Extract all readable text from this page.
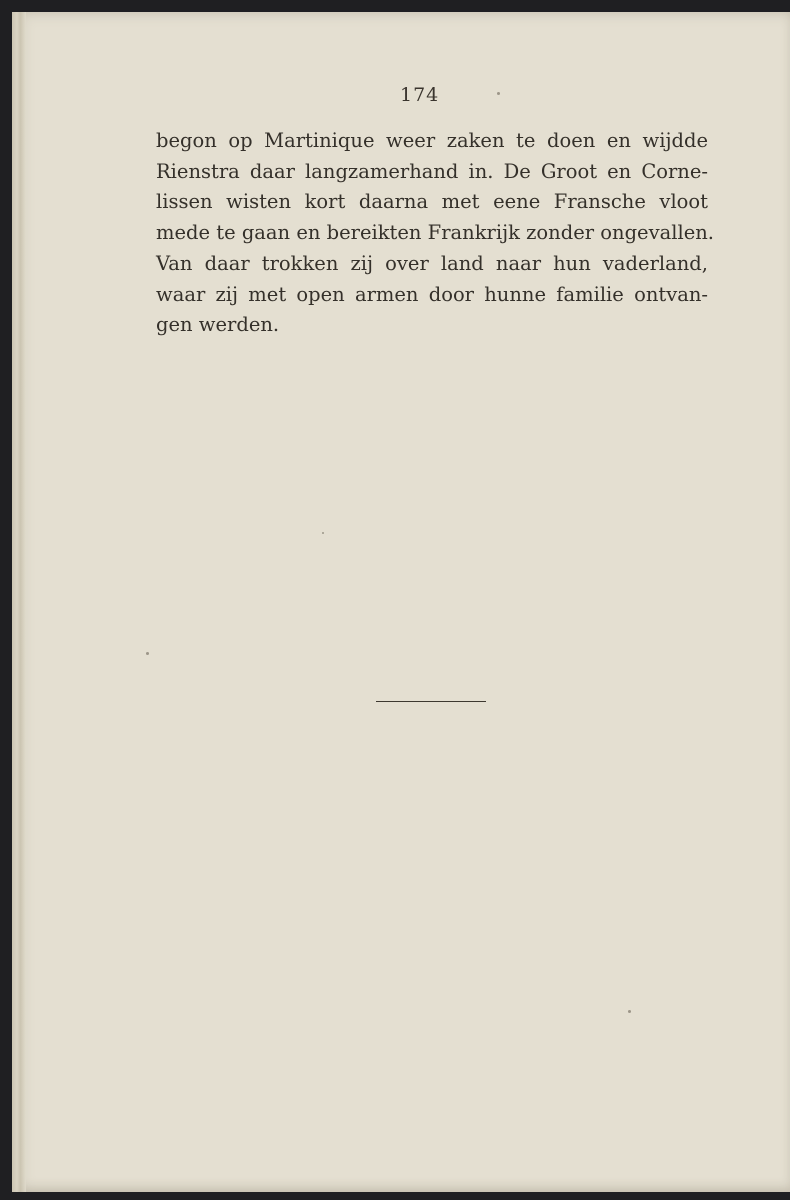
174
begon op Martinique weer zaken te doen en wijdde
Rienstra daar langzamerhand in. De Groot en Corne-
lissen wisten kort daarna met eene Fransche vloot
mede te gaan en bereikten Frankrijk zonder ongevallen.
Van daar trokken zij over land naar hun vaderland,
waar zij met open armen door hunne familie ontvan-
gen werden.
